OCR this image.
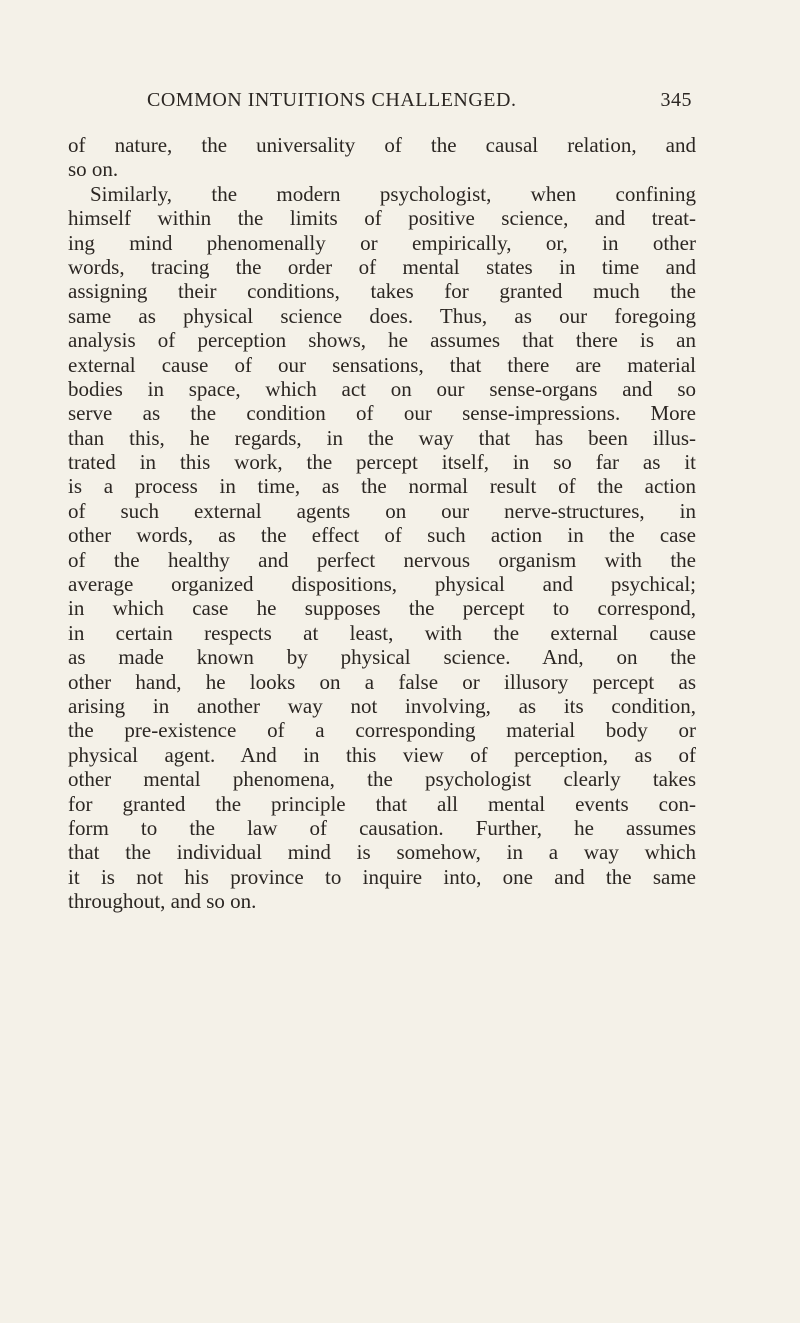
COMMON INTUITIONS CHALLENGED.	345
of nature, the universality of the causal relation, and
so on.
Similarly, the modern psychologist, when confining
himself within the limits of positive science, and treat-
ing mind phenomenally or empirically, or, in other
words, tracing the order of mental states in time and
assigning their conditions, takes for granted much the
same as physical science does. Thus, as our foregoing
analysis of perception shows, he assumes that there is an
external cause of our sensations, that there are material
bodies in space, which act on our sense-organs and so
serve as the condition of our sense-impressions. More
than this, he regards, in the way that has been illus-
trated in this work, the percept itself, in so far as it
is a process in time, as the normal result of the action
of such external agents on our nerve-structures, in
other words, as the effect of such action in the case
of the healthy and perfect nervous organism with the
average organized dispositions, physical and psychical;
in which case he supposes the percept to correspond,
in certain respects at least, with the external cause
as made known by physical science. And, on the
other hand, he looks on a false or illusory percept as
arising in another way not involving, as its condition,
the pre-existence of a corresponding material body or
physical agent. And in this view of perception, as of
other mental phenomena, the psychologist clearly takes
for granted the principle that all mental events con-
form to the law of causation. Further, he assumes
that the individual mind is somehow, in a way which
it is not his province to inquire into, one and the same
throughout, and so on.
